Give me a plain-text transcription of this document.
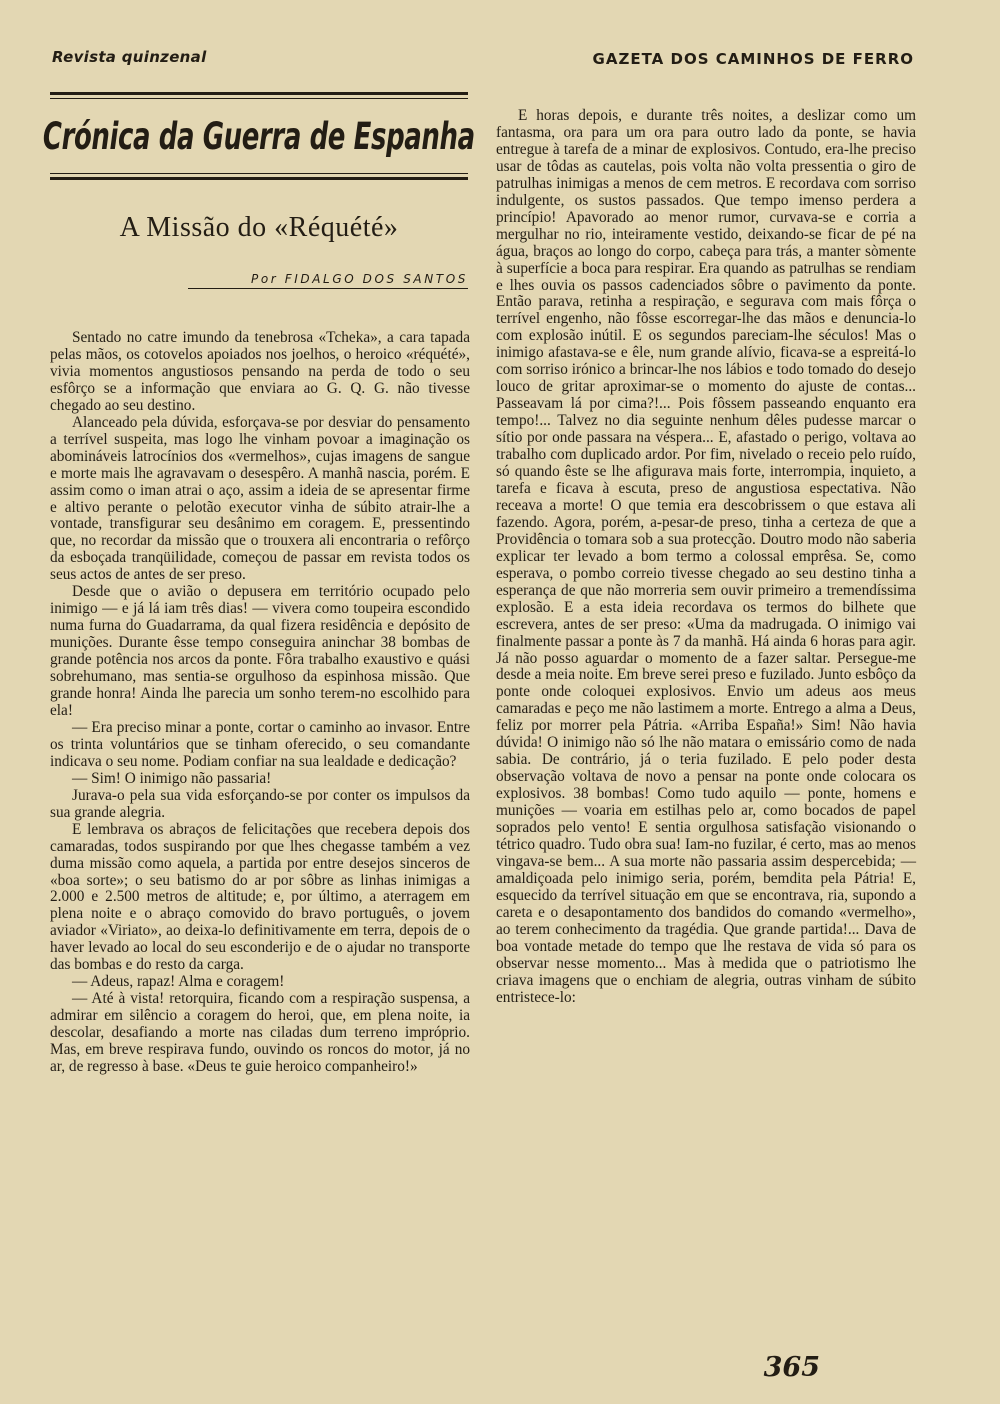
Revista quinzenal	GAZETA DOS CAMINHOS DE FERRO
Crónica da Guerra de Espanha
A Missão do «Réquété»
Por FIDALGO DOS SANTOS

Sentado no catre imundo da tenebrosa «Tcheka», a cara tapada pelas mãos, os cotovelos apoiados nos joelhos, o heroico «réquété», vivia momentos angustiosos pensando na perda de todo o seu esfôrço se a informação que enviara ao G. Q. G. não tivesse chegado ao seu destino.

Alanceado pela dúvida, esforçava-se por desviar do pensamento a terrível suspeita, mas logo lhe vinham povoar a imaginação os abomináveis latrocínios dos «vermelhos», cujas imagens de sangue e morte mais lhe agravavam o desespêro. A manhã nascia, porém. E assim como o iman atrai o aço, assim a ideia de se apresentar firme e altivo perante o pelotão executor vinha de súbito atrair-lhe a vontade, transfigurar seu desânimo em coragem. E, pressentindo que, no recordar da missão que o trouxera ali encontraria o refôrço da esboçada tranqüilidade, começou de passar em revista todos os seus actos de antes de ser preso.

Desde que o avião o depusera em território ocupado pelo inimigo — e já lá iam três dias! — vivera como toupeira escondido numa furna do Guadarrama, da qual fizera residência e depósito de munições. Durante êsse tempo conseguira aninchar 38 bombas de grande potência nos arcos da ponte. Fôra trabalho exaustivo e quási sobrehumano, mas sentia-se orgulhoso da espinhosa missão. Que grande honra! Ainda lhe parecia um sonho terem-no escolhido para ela!

— Era preciso minar a ponte, cortar o caminho ao invasor. Entre os trinta voluntários que se tinham oferecido, o seu comandante indicava o seu nome. Podiam confiar na sua lealdade e dedicação?

— Sim! O inimigo não passaria!

Jurava-o pela sua vida esforçando-se por conter os impulsos da sua grande alegria.

E lembrava os abraços de felicitações que recebera depois dos camaradas, todos suspirando por que lhes chegasse também a vez duma missão como aquela, a partida por entre desejos sinceros de «boa sorte»; o seu batismo do ar por sôbre as linhas inimigas a 2.000 e 2.500 metros de altitude; e, por último, a aterragem em plena noite e o abraço comovido do bravo português, o jovem aviador «Viriato», ao deixa-lo definitivamente em terra, depois de o haver levado ao local do seu esconderijo e de o ajudar no transporte das bombas e do resto da carga.

— Adeus, rapaz! Alma e coragem!

— Até à vista! retorquira, ficando com a respiração suspensa, a admirar em silêncio a coragem do heroi, que, em plena noite, ia descolar, desafiando a morte nas ciladas dum terreno impróprio. Mas, em breve respirava fundo, ouvindo os roncos do motor, já no ar, de regresso à base. «Deus te guie heroico companheiro!»

E horas depois, e durante três noites, a deslizar como um fantasma, ora para um ora para outro lado da ponte, se havia entregue à tarefa de a minar de explosivos. Contudo, era-lhe preciso usar de tôdas as cautelas, pois volta não volta pressentia o giro de patrulhas inimigas a menos de cem metros. E recordava com sorriso indulgente, os sustos passados. Que tempo imenso perdera a princípio! Apavorado ao menor rumor, curvava-se e corria a mergulhar no rio, inteiramente vestido, deixando-se ficar de pé na água, braços ao longo do corpo, cabeça para trás, a manter sòmente à superfície a boca para respirar. Era quando as patrulhas se rendiam e lhes ouvia os passos cadenciados sôbre o pavimento da ponte. Então parava, retinha a respiração, e segurava com mais fôrça o terrível engenho, não fôsse escorregar-lhe das mãos e denuncia-lo com explosão inútil. E os segundos pareciam-lhe séculos! Mas o inimigo afastava-se e êle, num grande alívio, ficava-se a espreitá-lo com sorriso irónico a brincar-lhe nos lábios e todo tomado do desejo louco de gritar aproximar-se o momento do ajuste de contas... Passeavam lá por cima?!... Pois fôssem passeando enquanto era tempo!... Talvez no dia seguinte nenhum dêles pudesse marcar o sítio por onde passara na véspera... E, afastado o perigo, voltava ao trabalho com duplicado ardor. Por fim, nivelado o receio pelo ruído, só quando êste se lhe afigurava mais forte, interrompia, inquieto, a tarefa e ficava à escuta, preso de angustiosa espectativa. Não receava a morte! O que temia era descobrissem o que estava ali fazendo. Agora, porém, a-pesar-de preso, tinha a certeza de que a Providência o tomara sob a sua protecção. Doutro modo não saberia explicar ter levado a bom termo a colossal emprêsa. Se, como esperava, o pombo correio tivesse chegado ao seu destino tinha a esperança de que não morreria sem ouvir primeiro a tremendíssima explosão. E a esta ideia recordava os termos do bilhete que escrevera, antes de ser preso: «Uma da madrugada. O inimigo vai finalmente passar a ponte às 7 da manhã. Há ainda 6 horas para agir. Já não posso aguardar o momento de a fazer saltar. Persegue-me desde a meia noite. Em breve serei preso e fuzilado. Junto esbôço da ponte onde coloquei explosivos. Envio um adeus aos meus camaradas e peço me não lastimem a morte. Entrego a alma a Deus, feliz por morrer pela Pátria. «Arriba España!» Sim! Não havia dúvida! O inimigo não só lhe não matara o emissário como de nada sabia. De contrário, já o teria fuzilado. E pelo poder desta observação voltava de novo a pensar na ponte onde colocara os explosivos. 38 bombas! Como tudo aquilo — ponte, homens e munições — voaria em estilhas pelo ar, como bocados de papel soprados pelo vento! E sentia orgulhosa satisfação visionando o tétrico quadro. Tudo obra sua! Iam-no fuzilar, é certo, mas ao menos vingava-se bem... A sua morte não passaria assim despercebida; — amaldiçoada pelo inimigo seria, porém, bemdita pela Pátria! E, esquecido da terrível situação em que se encontrava, ria, supondo a careta e o desapontamento dos bandidos do comando «vermelho», ao terem conhecimento da tragédia. Que grande partida!... Dava de boa vontade metade do tempo que lhe restava de vida só para os observar nesse momento... Mas à medida que o patriotismo lhe criava imagens que o enchiam de alegria, outras vinham de súbito entristece-lo:

365
